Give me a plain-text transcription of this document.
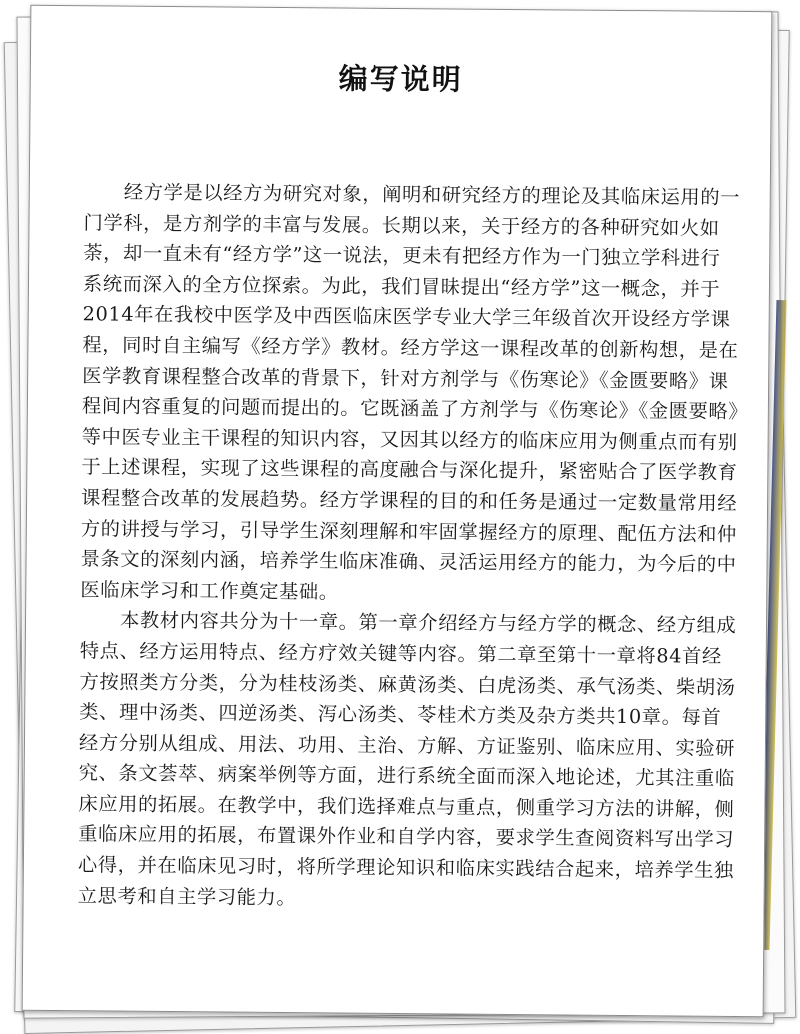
编写说明

经方学是以经方为研究对象，阐明和研究经方的理论及其临床运用的一
门学科，是方剂学的丰富与发展。长期以来，关于经方的各种研究如火如
荼，却一直未有“经方学”这一说法，更未有把经方作为一门独立学科进行
系统而深入的全方位探索。为此，我们冒昧提出“经方学”这一概念，并于
2014年在我校中医学及中西医临床医学专业大学三年级首次开设经方学课
程，同时自主编写《经方学》教材。经方学这一课程改革的创新构想，是在
医学教育课程整合改革的背景下，针对方剂学与《伤寒论》《金匮要略》课
程间内容重复的问题而提出的。它既涵盖了方剂学与《伤寒论》《金匮要略》
等中医专业主干课程的知识内容，又因其以经方的临床应用为侧重点而有别
于上述课程，实现了这些课程的高度融合与深化提升，紧密贴合了医学教育
课程整合改革的发展趋势。经方学课程的目的和任务是通过一定数量常用经
方的讲授与学习，引导学生深刻理解和牢固掌握经方的原理、配伍方法和仲
景条文的深刻内涵，培养学生临床准确、灵活运用经方的能力，为今后的中
医临床学习和工作奠定基础。

本教材内容共分为十一章。第一章介绍经方与经方学的概念、经方组成
特点、经方运用特点、经方疗效关键等内容。第二章至第十一章将84首经
方按照类方分类，分为桂枝汤类、麻黄汤类、白虎汤类、承气汤类、柴胡汤
类、理中汤类、四逆汤类、泻心汤类、苓桂术方类及杂方类共10章。每首
经方分别从组成、用法、功用、主治、方解、方证鉴别、临床应用、实验研
究、条文荟萃、病案举例等方面，进行系统全面而深入地论述，尤其注重临
床应用的拓展。在教学中，我们选择难点与重点，侧重学习方法的讲解，侧
重临床应用的拓展，布置课外作业和自学内容，要求学生查阅资料写出学习
心得，并在临床见习时，将所学理论知识和临床实践结合起来，培养学生独
立思考和自主学习能力。
